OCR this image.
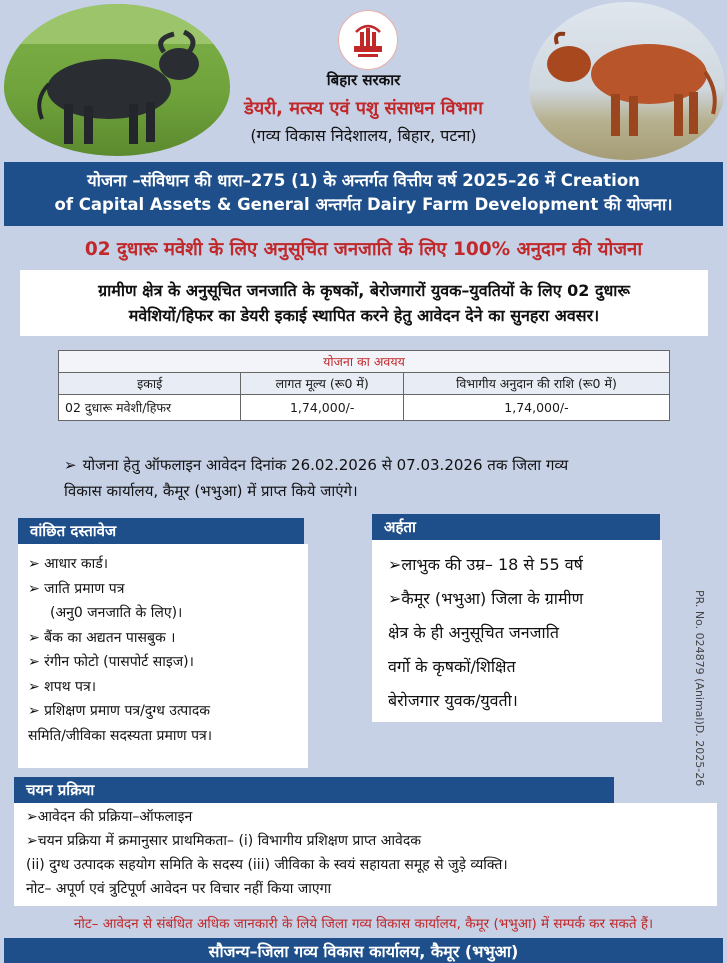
बिहार सरकार
डेयरी, मत्स्य एवं पशु संसाधन विभाग
(गव्य विकास निदेशालय, बिहार, पटना)
योजना –संविधान की धारा–275 (1) के अन्तर्गत वित्तीय वर्ष 2025–26 में Creation
of Capital Assets & General अन्तर्गत Dairy Farm Development की योजना।
02 दुधारू मवेशी के लिए अनुसूचित जनजाति के लिए 100% अनुदान की योजना
ग्रामीण क्षेत्र के अनुसूचित जनजाति के कृषकों, बेरोजगारों युवक–युवतियों के लिए 02 दुधारू
मवेशियों/हिफर का डेयरी इकाई स्थापित करने हेतु आवेदन देने का सुनहरा अवसर।
योजना का अवयय		
इकाई	लागत मूल्य (रू0 में)	विभागीय अनुदान की राशि (रू0 में)
02 दुधारू मवेशी/हिफर	1,74,000/-	1,74,000/-
➢ योजना हेतु ऑफलाइन आवेदन दिनांक 26.02.2026 से 07.03.2026 तक जिला गव्य
विकास कार्यालय, कैमूर (भभुआ) में प्राप्त किये जाएंगे।
वांछित दस्तावेज
➢ आधार कार्ड।
➢ जाति प्रमाण पत्र
(अनु0 जनजाति के लिए)।
➢ बैंक का अद्यतन पासबुक ।
➢ रंगीन फोटो (पासपोर्ट साइज)।
➢ शपथ पत्र।
➢ प्रशिक्षण प्रमाण पत्र/दुग्ध उत्पादक
समिति/जीविका सदस्यता प्रमाण पत्र।
अर्हता
➢लाभुक की उम्र– 18 से 55 वर्ष
➢कैमूर (भभुआ) जिला के ग्रामीण
क्षेत्र के ही अनुसूचित जनजाति
वर्गो के कृषकों/शिक्षित
बेरोजगार युवक/युवती।	PR. No. 024879 (Animal)D. 2025-26
चयन प्रक्रिया
➢आवेदन की प्रक्रिया–ऑफलाइन
➢चयन प्रक्रिया में क्रमानुसार प्राथमिकता– (i) विभागीय प्रशिक्षण प्राप्त आवेदक
(ii) दुग्ध उत्पादक सहयोग समिति के सदस्य (iii) जीविका के स्वयं सहायता समूह से जुड़े व्यक्ति।
नोट– अपूर्ण एवं त्रुटिपूर्ण आवेदन पर विचार नहीं किया जाएगा
नोट– आवेदन से संबंधित अधिक जानकारी के लिये जिला गव्य विकास कार्यालय, कैमूर (भभुआ) में सम्पर्क कर सकते हैं।
सौजन्य–जिला गव्य विकास कार्यालय, कैमूर (भभुआ)
